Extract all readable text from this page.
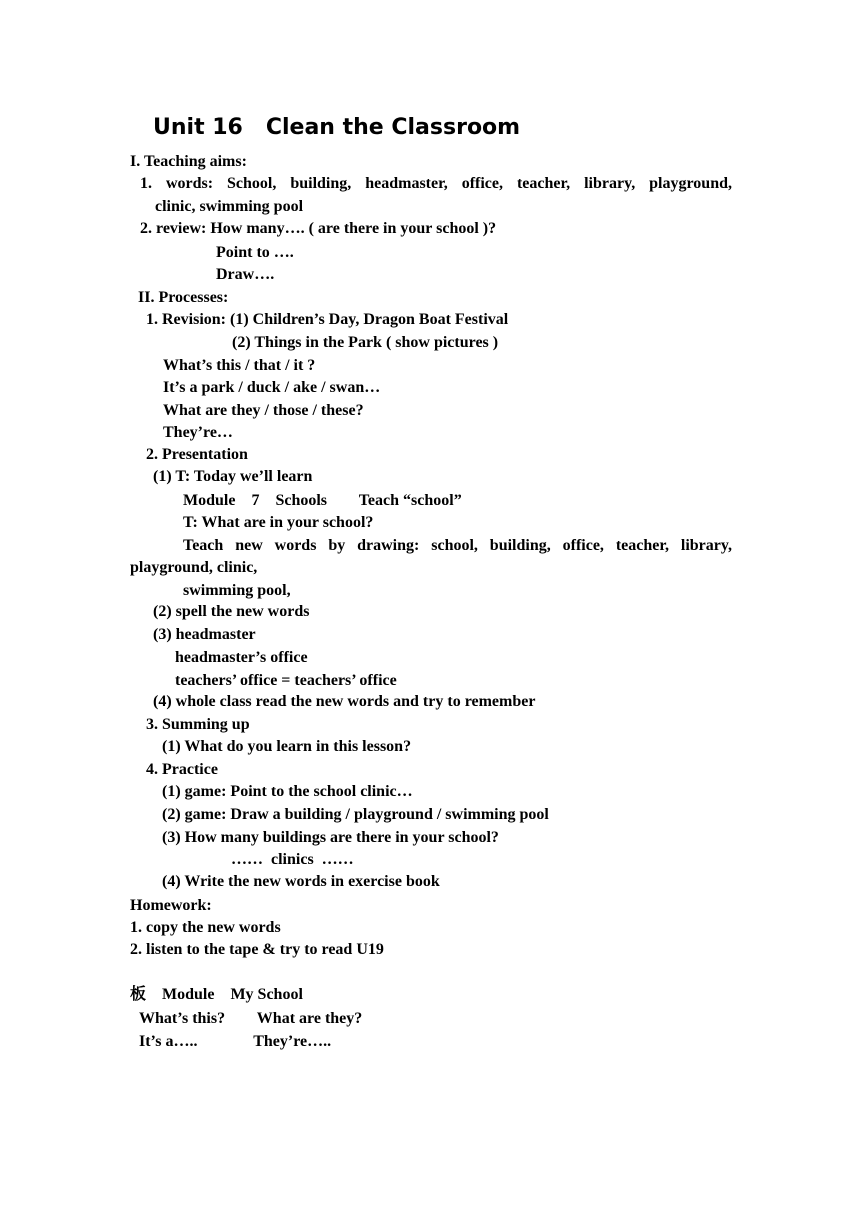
Unit 16   Clean the Classroom
I. Teaching aims:
1. words: School, building, headmaster, office, teacher, library, playground,
clinic, swimming pool
2. review: How many…. ( are there in your school )?
Point to ….
Draw….
II. Processes:
1. Revision: (1) Children’s Day, Dragon Boat Festival
(2) Things in the Park ( show pictures )
What’s this / that / it ?
It’s a park / duck / ake / swan…
What are they / those / these?
They’re…
2. Presentation
(1) T: Today we’ll learn
Module    7    Schools        Teach “school”
T: What are in your school?
Teach new words by drawing: school, building, office, teacher, library,
playground, clinic,
swimming pool,
(2) spell the new words
(3) headmaster
headmaster’s office
teachers’ office = teachers’ office
(4) whole class read the new words and try to remember
3. Summing up
(1) What do you learn in this lesson?
4. Practice
(1) game: Point to the school clinic…
(2) game: Draw a building / playground / swimming pool
(3) How many buildings are there in your school?
……  clinics  ……
(4) Write the new words in exercise book
Homework:
1. copy the new words
2. listen to the tape & try to read U19
板    Module    My School
What’s this?        What are they?
It’s a…..              They’re…..
